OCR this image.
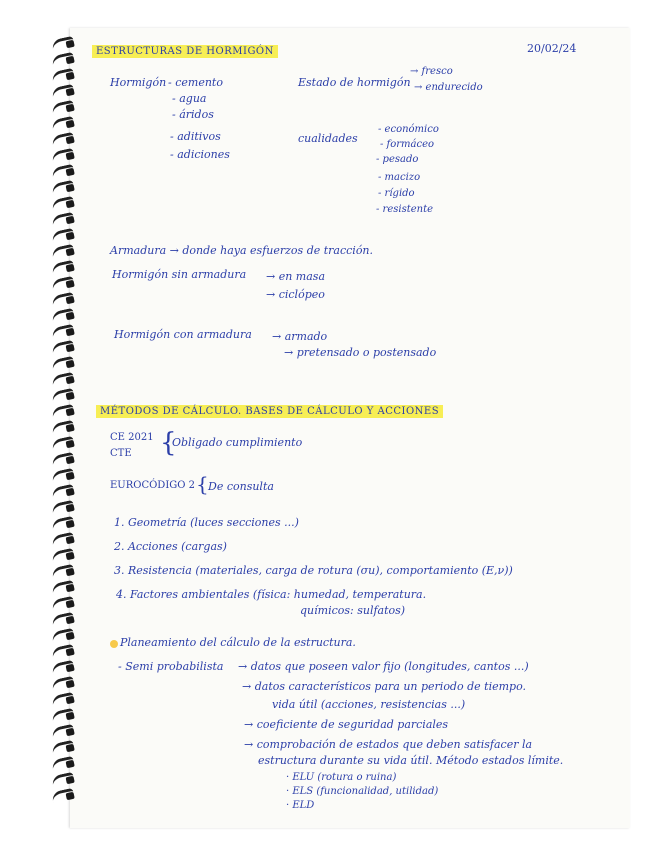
ESTRUCTURAS DE HORMIGÓN	20/02/24
Hormigón - cemento
- agua
- áridos
- aditivos
- adiciones
Estado de hormigón
→ fresco
→ endurecido
cualidades
- económico
- formáceo
- pesado
- macizo
- rígido
- resistente
Armadura → donde haya esfuerzos de tracción.
Hormigón sin armadura → en masa
→ ciclópeo
Hormigón con armadura → armado
→ pretensado o postensado
MÉTODOS DE CÁLCULO. BASES DE CÁLCULO Y ACCIONES
CE 2021
CTE {
Obligado cumplimiento
EUROCÓDIGO 2 { De consulta
1. Geometría (luces secciones ...)
2. Acciones (cargas)
3. Resistencia (materiales, carga de rotura (σu), comportamiento (E,ν))
4. Factores ambientales (física: humedad, temperatura.
químicos: sulfatos)
Planeamiento del cálculo de la estructura.
- Semi probabilista → datos que poseen valor fijo (longitudes, cantos ...)
→ datos característicos para un periodo de tiempo.
vida útil (acciones, resistencias ...)
→ coeficiente de seguridad parciales
→ comprobación de estados que deben satisfacer la
estructura durante su vida útil. Método estados límite.
· ELU (rotura o ruina)
· ELS (funcionalidad, utilidad)
· ELD
